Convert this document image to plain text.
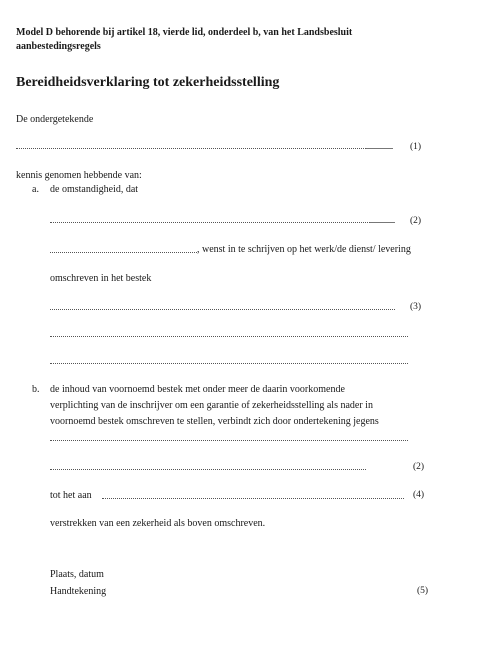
Model D behorende bij artikel 18, vierde lid, onderdeel b, van het Landsbesluit
aanbestedingsregels
Bereidheidsverklaring tot zekerheidsstelling
De ondergetekende
(1)
kennis genomen hebbende van:
a. de omstandigheid, dat
(2)
, wenst in te schrijven op het werk/de dienst/ levering
omschreven in het bestek
(3)
b. de inhoud van voornoemd bestek met onder meer de daarin voorkomende
verplichting van de inschrijver om een garantie of zekerheidsstelling als nader in
voornoemd bestek omschreven te stellen, verbindt zich door ondertekening jegens
(2)
tot het aan	(4)
verstrekken van een zekerheid als boven omschreven.
Plaats, datum
Handtekening	(5)
